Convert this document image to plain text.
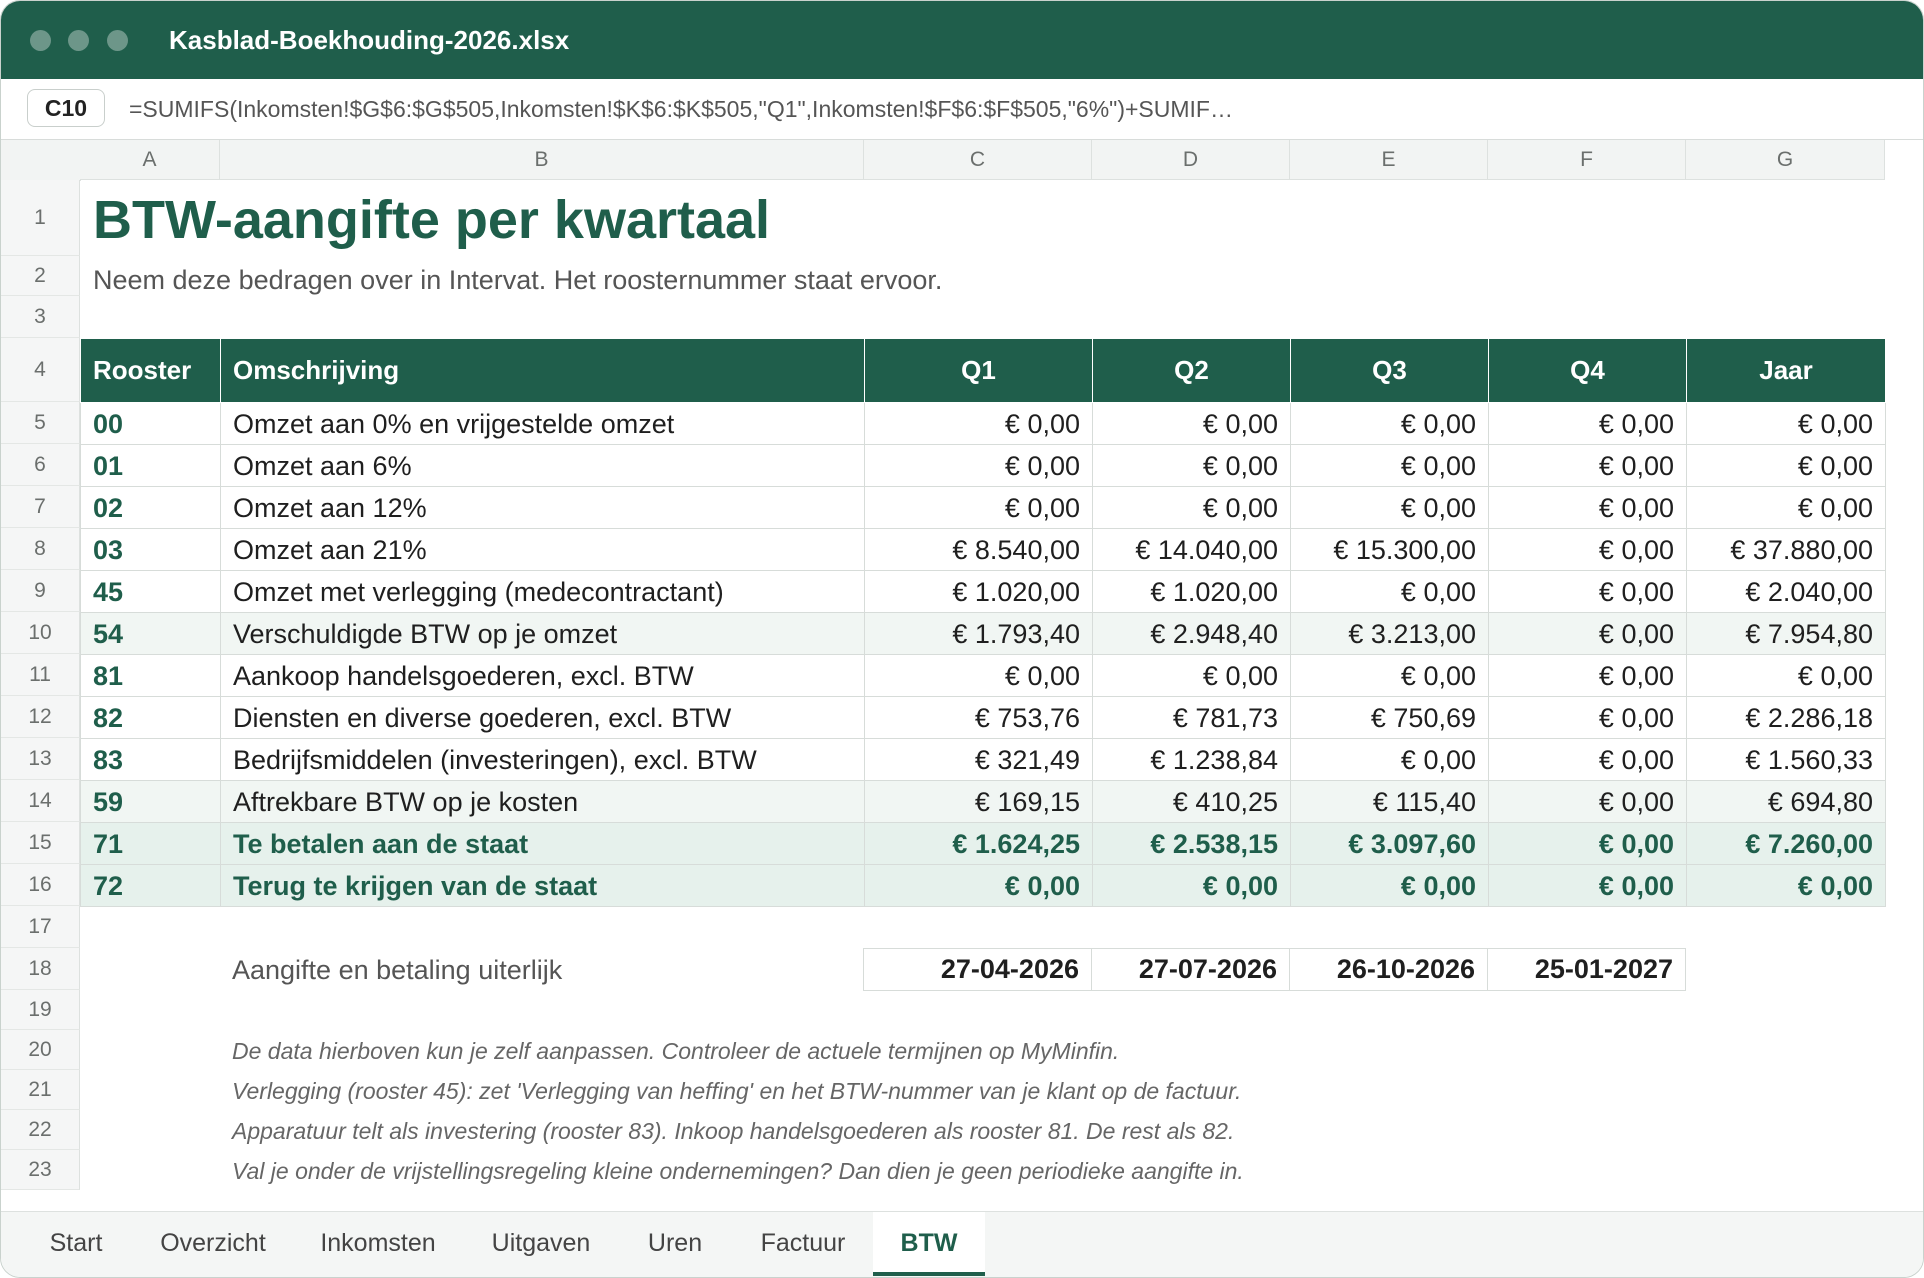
Kasblad-Boekhouding-2026.xlsx
C10	=SUMIFS(Inkomsten!$G$6:$G$505,Inkomsten!$K$6:$K$505,"Q1",Inkomsten!$F$6:$F$505,"6%")+SUMIF…
A	B	C	D	E	F	G
1
2
3
4
5
6
7
8
9
10
11
12
13
14
15
16
17
18
19
20
21
22
23
BTW-aangifte per kwartaal
Neem deze bedragen over in Intervat. Het roosternummer staat ervoor.
Rooster	Omschrijving	Q1	Q2	Q3	Q4	Jaar
00	Omzet aan 0% en vrijgestelde omzet	€ 0,00	€ 0,00	€ 0,00	€ 0,00	€ 0,00
01	Omzet aan 6%	€ 0,00	€ 0,00	€ 0,00	€ 0,00	€ 0,00
02	Omzet aan 12%	€ 0,00	€ 0,00	€ 0,00	€ 0,00	€ 0,00
03	Omzet aan 21%	€ 8.540,00	€ 14.040,00	€ 15.300,00	€ 0,00	€ 37.880,00
45	Omzet met verlegging (medecontractant)	€ 1.020,00	€ 1.020,00	€ 0,00	€ 0,00	€ 2.040,00
54	Verschuldigde BTW op je omzet	€ 1.793,40	€ 2.948,40	€ 3.213,00	€ 0,00	€ 7.954,80
81	Aankoop handelsgoederen, excl. BTW	€ 0,00	€ 0,00	€ 0,00	€ 0,00	€ 0,00
82	Diensten en diverse goederen, excl. BTW	€ 753,76	€ 781,73	€ 750,69	€ 0,00	€ 2.286,18
83	Bedrijfsmiddelen (investeringen), excl. BTW	€ 321,49	€ 1.238,84	€ 0,00	€ 0,00	€ 1.560,33
59	Aftrekbare BTW op je kosten	€ 169,15	€ 410,25	€ 115,40	€ 0,00	€ 694,80
71	Te betalen aan de staat	€ 1.624,25	€ 2.538,15	€ 3.097,60	€ 0,00	€ 7.260,00
72	Terug te krijgen van de staat	€ 0,00	€ 0,00	€ 0,00	€ 0,00	€ 0,00
Aangifte en betaling uiterlijk	27-04-2026	27-07-2026	26-10-2026	25-01-2027
De data hierboven kun je zelf aanpassen. Controleer de actuele termijnen op MyMinfin.
Verlegging (rooster 45): zet 'Verlegging van heffing' en het BTW-nummer van je klant op de factuur.
Apparatuur telt als investering (rooster 83). Inkoop handelsgoederen als rooster 81. De rest als 82.
Val je onder de vrijstellingsregeling kleine ondernemingen? Dan dien je geen periodieke aangifte in.
Start	Overzicht	Inkomsten	Uitgaven	Uren	Factuur	BTW
